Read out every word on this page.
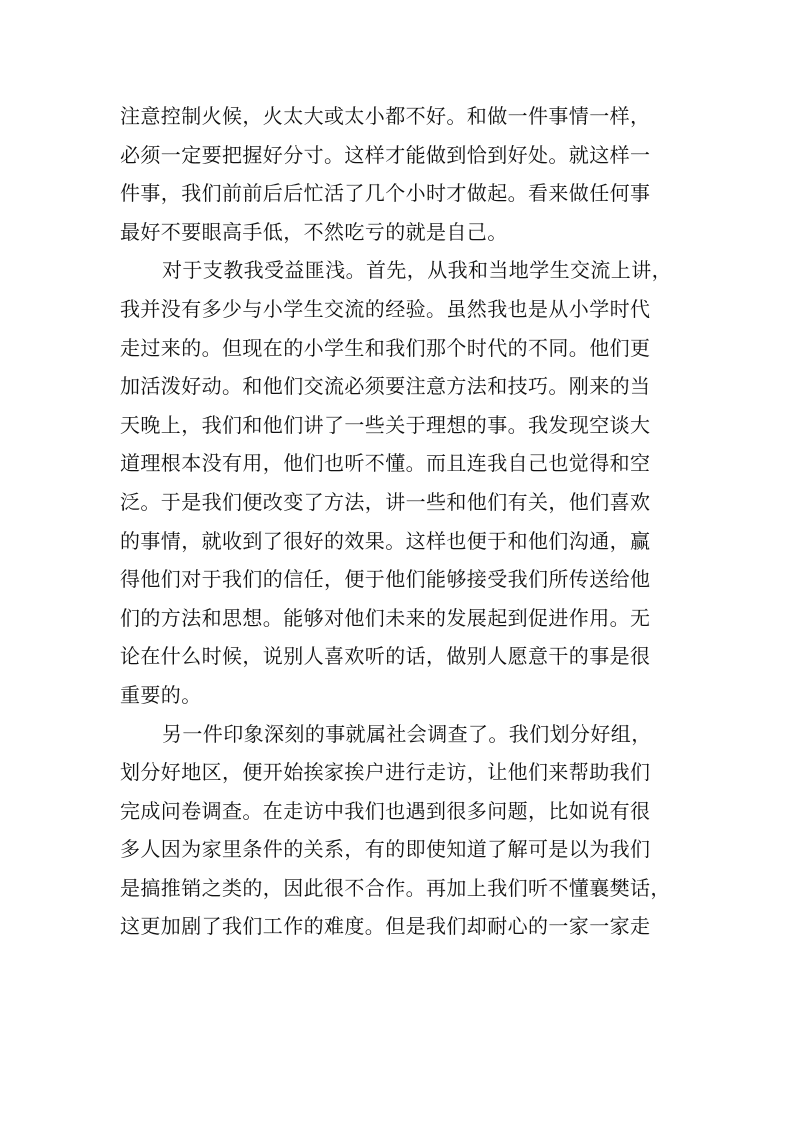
注意控制火候，火太大或太小都不好。和做一件事情一样，
必须一定要把握好分寸。这样才能做到恰到好处。就这样一
件事，我们前前后后忙活了几个小时才做起。看来做任何事
最好不要眼高手低，不然吃亏的就是自己。
对于支教我受益匪浅。首先，从我和当地学生交流上讲，
我并没有多少与小学生交流的经验。虽然我也是从小学时代
走过来的。但现在的小学生和我们那个时代的不同。他们更
加活泼好动。和他们交流必须要注意方法和技巧。刚来的当
天晚上，我们和他们讲了一些关于理想的事。我发现空谈大
道理根本没有用，他们也听不懂。而且连我自己也觉得和空
泛。于是我们便改变了方法，讲一些和他们有关，他们喜欢
的事情，就收到了很好的效果。这样也便于和他们沟通，赢
得他们对于我们的信任，便于他们能够接受我们所传送给他
们的方法和思想。能够对他们未来的发展起到促进作用。无
论在什么时候，说别人喜欢听的话，做别人愿意干的事是很
重要的。
另一件印象深刻的事就属社会调查了。我们划分好组，
划分好地区，便开始挨家挨户进行走访，让他们来帮助我们
完成问卷调查。在走访中我们也遇到很多问题，比如说有很
多人因为家里条件的关系，有的即使知道了解可是以为我们
是搞推销之类的，因此很不合作。再加上我们听不懂襄樊话，
这更加剧了我们工作的难度。但是我们却耐心的一家一家走
